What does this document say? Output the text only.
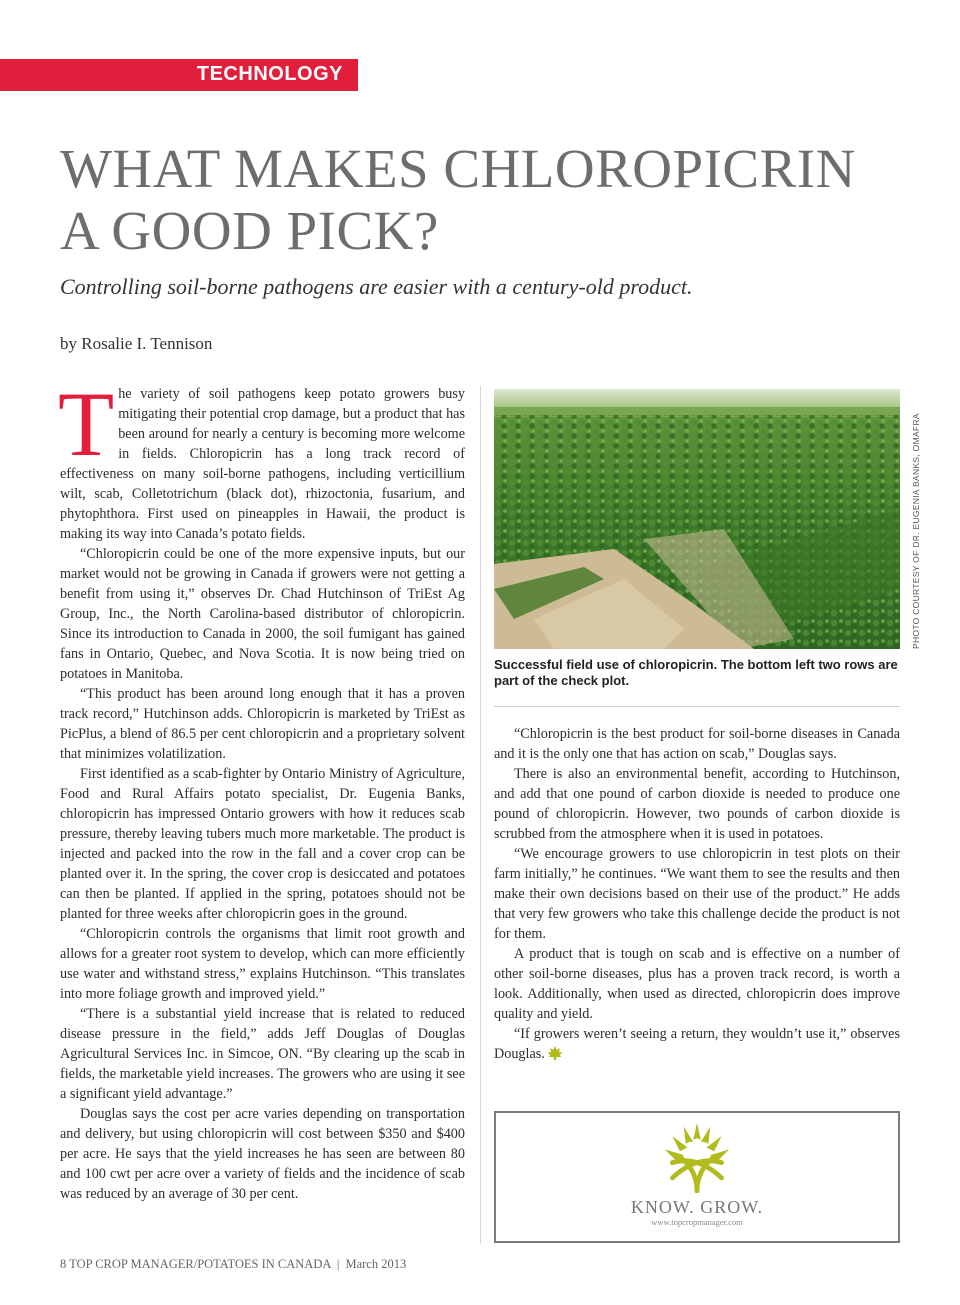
TECHNOLOGY
WHAT MAKES CHLOROPICRIN
A GOOD PICK?
Controlling soil-borne pathogens are easier with a century-old product.
by Rosalie I. Tennison

The variety of soil pathogens keep potato growers busy mitigating their potential crop damage, but a product that has been around for nearly a century is becoming more welcome in fields. Chloropicrin has a long track record of effectiveness on many soil-borne pathogens, including verticillium wilt, scab, Colletotrichum (black dot), rhizoctonia, fusarium, and phytophthora. First used on pineapples in Hawaii, the product is making its way into Canada’s potato fields.

“Chloropicrin could be one of the more expensive inputs, but our market would not be growing in Canada if growers were not getting a benefit from using it,” observes Dr. Chad Hutchinson of TriEst Ag Group, Inc., the North Carolina-based distributor of chloropicrin. Since its introduction to Canada in 2000, the soil fumigant has gained fans in Ontario, Quebec, and Nova Scotia. It is now being tried on potatoes in Manitoba.

“This product has been around long enough that it has a proven track record,” Hutchinson adds. Chloropicrin is marketed by TriEst as PicPlus, a blend of 86.5 per cent chloropicrin and a proprietary solvent that minimizes volatilization.

First identified as a scab-fighter by Ontario Ministry of Agriculture, Food and Rural Affairs potato specialist, Dr. Eugenia Banks, chloropicrin has impressed Ontario growers with how it reduces scab pressure, thereby leaving tubers much more marketable. The product is injected and packed into the row in the fall and a cover crop can be planted over it. In the spring, the cover crop is desiccated and potatoes can then be planted. If applied in the spring, potatoes should not be planted for three weeks after chloropicrin goes in the ground.

“Chloropicrin controls the organisms that limit root growth and allows for a greater root system to develop, which can more efficiently use water and withstand stress,” explains Hutchinson. “This translates into more foliage growth and improved yield.”

“There is a substantial yield increase that is related to reduced disease pressure in the field,” adds Jeff Douglas of Douglas Agricultural Services Inc. in Simcoe, ON. “By clearing up the scab in fields, the marketable yield increases. The growers who are using it see a significant yield advantage.”

Douglas says the cost per acre varies depending on transportation and delivery, but using chloropicrin will cost between $350 and $400 per acre. He says that the yield increases he has seen are between 80 and 100 cwt per acre over a variety of fields and the incidence of scab was reduced by an average of 30 per cent.

PHOTO COURTESY OF DR. EUGENIA BANKS, OMAFRA
Successful field use of chloropicrin. The bottom left two rows are part of the check plot.

“Chloropicrin is the best product for soil-borne diseases in Canada and it is the only one that has action on scab,” Douglas says.

There is also an environmental benefit, according to Hutchinson, and add that one pound of carbon dioxide is needed to produce one pound of chloropicrin. However, two pounds of carbon dioxide is scrubbed from the atmosphere when it is used in potatoes.

“We encourage growers to use chloropicrin in test plots on their farm initially,” he continues. “We want them to see the results and then make their own decisions based on their use of the product.” He adds that very few growers who take this challenge decide the product is not for them.

A product that is tough on scab and is effective on a number of other soil-borne diseases, plus has a proven track record, is worth a look. Additionally, when used as directed, chloropicrin does improve quality and yield.

“If growers weren’t seeing a return, they wouldn’t use it,” observes Douglas.

KNOW. GROW.
www.topcropmanager.com
8 TOP CROP MANAGER/POTATOES IN CANADA | March 2013
